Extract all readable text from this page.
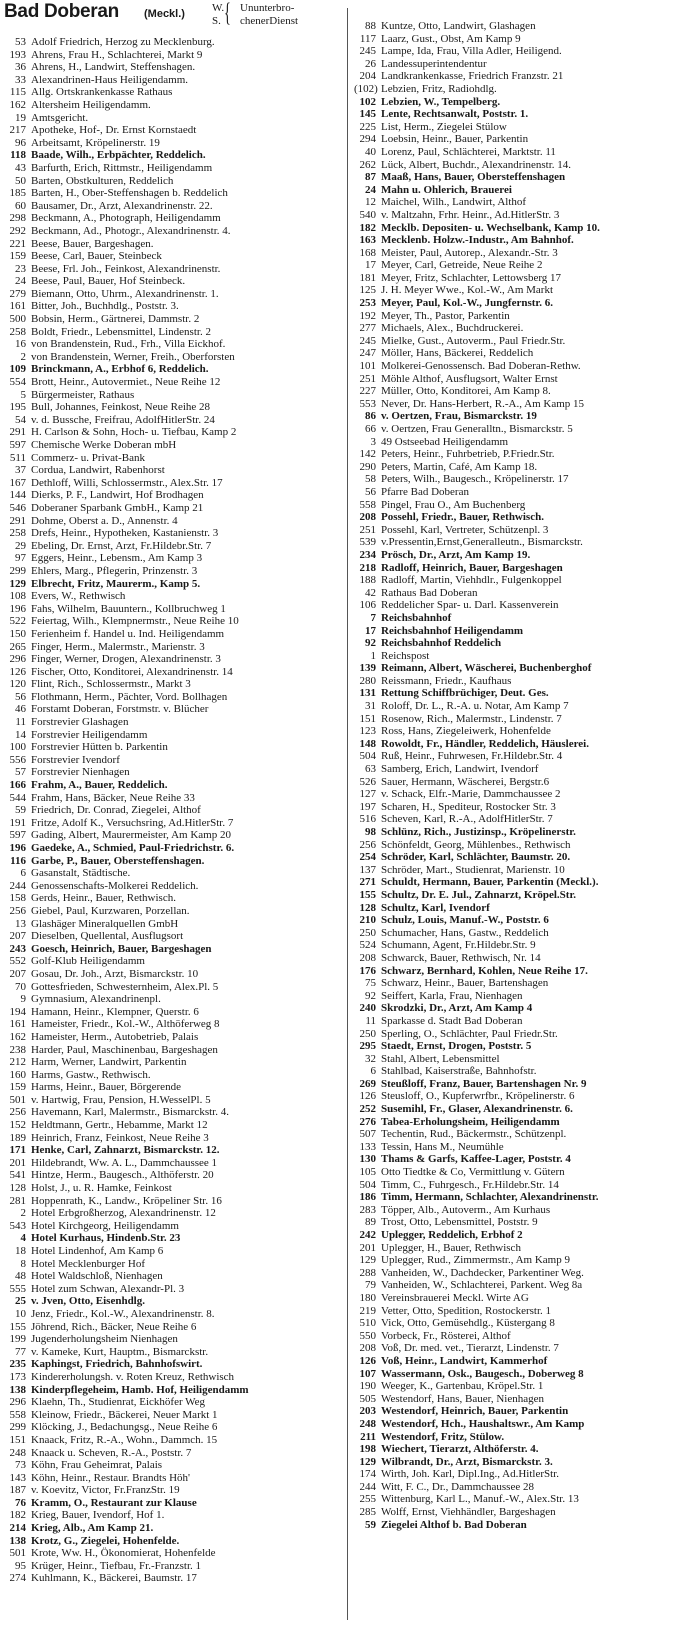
Bad Doberan (Meckl.) W.
S. { Ununterbro-
chenerDienst
53 Adolf Friedrich, Herzog zu Mecklenburg.
193 Ahrens, Frau H., Schlachterei, Markt 9
36 Ahrens, H., Landwirt, Steffenshagen.
33 Alexandrinen-Haus Heiligendamm.
115 Allg. Ortskrankenkasse Rathaus
162 Altersheim Heiligendamm.
19 Amtsgericht.
217 Apotheke, Hof-, Dr. Ernst Kornstaedt
96 Arbeitsamt, Kröpelinerstr. 19
118 Baade, Wilh., Erbpächter, Reddelich.
43 Barfurth, Erich, Rittmstr., Heiligendamm
50 Barten, Obstkulturen, Reddelich
185 Barten, H., Ober-Steffenshagen b. Reddelich
60 Bausamer, Dr., Arzt, Alexandrinenstr. 22.
298 Beckmann, A., Photograph, Heiligendamm
292 Beckmann, Ad., Photogr., Alexandrinenstr. 4.
221 Beese, Bauer, Bargeshagen.
159 Beese, Carl, Bauer, Steinbeck
23 Beese, Frl. Joh., Feinkost, Alexandrinenstr.
24 Beese, Paul, Bauer, Hof Steinbeck.
279 Biemann, Otto, Uhrm., Alexandrinenstr. 1.
161 Bitter, Joh., Buchhdlg., Poststr. 3.
500 Bobsin, Herm., Gärtnerei, Dammstr. 2
258 Boldt, Friedr., Lebensmittel, Lindenstr. 2
16 von Brandenstein, Rud., Frh., Villa Eickhof.
2 von Brandenstein, Werner, Freih., Oberforsten
109 Brinckmann, A., Erbhof 6, Reddelich.
554 Brott, Heinr., Autovermiet., Neue Reihe 12
5 Bürgermeister, Rathaus
195 Bull, Johannes, Feinkost, Neue Reihe 28
54 v. d. Bussche, Freifrau, AdolfHitlerStr. 24
291 H. Carlson & Sohn, Hoch- u. Tiefbau, Kamp 2
597 Chemische Werke Doberan mbH
511 Commerz- u. Privat-Bank
37 Cordua, Landwirt, Rabenhorst
167 Dethloff, Willi, Schlossermstr., Alex.Str. 17
144 Dierks, P. F., Landwirt, Hof Brodhagen
546 Doberaner Sparbank GmbH., Kamp 21
291 Dohme, Oberst a. D., Annenstr. 4
258 Drefs, Heinr., Hypotheken, Kastanienstr. 3
29 Ebeling, Dr. Ernst, Arzt, Fr.Hildebr.Str. 7
97 Eggers, Heinr., Lebensm., Am Kamp 3
299 Ehlers, Marg., Pflegerin, Prinzenstr. 3
129 Elbrecht, Fritz, Maurerm., Kamp 5.
108 Evers, W., Rethwisch
196 Fahs, Wilhelm, Bauuntern., Kollbruchweg 1
522 Feiertag, Wilh., Klempnermstr., Neue Reihe 10
150 Ferienheim f. Handel u. Ind. Heiligendamm
265 Finger, Herm., Malermstr., Marienstr. 3
296 Finger, Werner, Drogen, Alexandrinenstr. 3
126 Fischer, Otto, Konditorei, Alexandrinenstr. 14
120 Flint, Rich., Schlossermstr., Markt 3
56 Flothmann, Herm., Pächter, Vord. Bollhagen
46 Forstamt Doberan, Forstmstr. v. Blücher
11 Forstrevier Glashagen
14 Forstrevier Heiligendamm
100 Forstrevier Hütten b. Parkentin
556 Forstrevier Ivendorf
57 Forstrevier Nienhagen
166 Frahm, A., Bauer, Reddelich.
544 Frahm, Hans, Bäcker, Neue Reihe 33
59 Friedrich, Dr. Conrad, Ziegelei, Althof
191 Fritze, Adolf K., Versuchsring, Ad.HitlerStr. 7
597 Gading, Albert, Maurermeister, Am Kamp 20
196 Gaedeke, A., Schmied, Paul-Friedrichstr. 6.
116 Garbe, P., Bauer, Obersteffenshagen.
6 Gasanstalt, Städtische.
244 Genossenschafts-Molkerei Reddelich.
158 Gerds, Heinr., Bauer, Rethwisch.
256 Giebel, Paul, Kurzwaren, Porzellan.
13 Glashäger Mineralquellen GmbH
207 Dieselben, Quellental, Ausflugsort
243 Goesch, Heinrich, Bauer, Bargeshagen
552 Golf-Klub Heiligendamm
207 Gosau, Dr. Joh., Arzt, Bismarckstr. 10
70 Gottesfrieden, Schwesternheim, Alex.Pl. 5
9 Gymnasium, Alexandrinenpl.
194 Hamann, Heinr., Klempner, Querstr. 6
161 Hameister, Friedr., Kol.-W., Althöferweg 8
162 Hameister, Herm., Autobetrieb, Palais
238 Harder, Paul, Maschinenbau, Bargeshagen
212 Harm, Werner, Landwirt, Parkentin
160 Harms, Gastw., Rethwisch.
159 Harms, Heinr., Bauer, Börgerende
501 v. Hartwig, Frau, Pension, H.WesselPl. 5
256 Havemann, Karl, Malermstr., Bismarckstr. 4.
152 Heldtmann, Gertr., Hebamme, Markt 12
189 Heinrich, Franz, Feinkost, Neue Reihe 3
171 Henke, Carl, Zahnarzt, Bismarckstr. 12.
201 Hildebrandt, Ww. A. L., Dammchaussee 1
541 Hintze, Herm., Baugesch., Althöferstr. 20
128 Holst, J., u. R. Hamke, Feinkost
281 Hoppenrath, K., Landw., Kröpeliner Str. 16
2 Hotel Erbgroßherzog, Alexandrinenstr. 12
543 Hotel Kirchgeorg, Heiligendamm
4 Hotel Kurhaus, Hindenb.Str. 23
18 Hotel Lindenhof, Am Kamp 6
8 Hotel Mecklenburger Hof
48 Hotel Waldschloß, Nienhagen
555 Hotel zum Schwan, Alexandr-Pl. 3
25 v. Jven, Otto, Eisenhdlg.
10 Jenz, Friedr., Kol.-W., Alexandrinenstr. 8.
155 Jöhrend, Rich., Bäcker, Neue Reihe 6
199 Jugenderholungsheim Nienhagen
77 v. Kameke, Kurt, Hauptm., Bismarckstr.
235 Kaphingst, Friedrich, Bahnhofswirt.
173 Kindererholungsh. v. Roten Kreuz, Rethwisch
138 Kinderpflegeheim, Hamb. Hof, Heiligendamm
296 Klaehn, Th., Studienrat, Eickhöfer Weg
558 Kleinow, Friedr., Bäckerei, Neuer Markt 1
299 Klöcking, J., Bedachungsg., Neue Reihe 6
151 Knaack, Fritz, R.-A., Wohn., Dammch. 15
248 Knaack u. Scheven, R.-A., Poststr. 7
73 Köhn, Frau Geheimrat, Palais
143 Köhn, Heinr., Restaur. Brandts Höh'
187 v. Koevitz, Victor, Fr.FranzStr. 19
76 Kramm, O., Restaurant zur Klause
182 Krieg, Bauer, Ivendorf, Hof 1.
214 Krieg, Alb., Am Kamp 21.
138 Krotz, G., Ziegelei, Hohenfelde.
501 Krote, Ww. H., Ökonomierat, Hohenfelde
95 Krüger, Heinr., Tiefbau, Fr.-Franzstr. 1
274 Kuhlmann, K., Bäckerei, Baumstr. 17
88 Kuntze, Otto, Landwirt, Glashagen
117 Laarz, Gust., Obst, Am Kamp 9
245 Lampe, Ida, Frau, Villa Adler, Heiligend.
26 Landessuperintendentur
204 Landkrankenkasse, Friedrich Franzstr. 21
(102) Lebzien, Fritz, Radiohdlg.
102 Lebzien, W., Tempelberg.
145 Lente, Rechtsanwalt, Poststr. 1.
225 List, Herm., Ziegelei Stülow
294 Loebsin, Heinr., Bauer, Parkentin
40 Lorenz, Paul, Schlächterei, Marktstr. 11
262 Lück, Albert, Buchdr., Alexandrinenstr. 14.
87 Maaß, Hans, Bauer, Obersteffenshagen
24 Mahn u. Ohlerich, Brauerei
12 Maichel, Wilh., Landwirt, Althof
540 v. Maltzahn, Frhr. Heinr., Ad.HitlerStr. 3
182 Mecklb. Depositen- u. Wechselbank, Kamp 10.
163 Mecklenb. Holzw.-Industr., Am Bahnhof.
168 Meister, Paul, Autorep., Alexandr.-Str. 3
17 Meyer, Carl, Getreide, Neue Reihe 2
181 Meyer, Fritz, Schlachter, Lettowsberg 17
125 J. H. Meyer Wwe., Kol.-W., Am Markt
253 Meyer, Paul, Kol.-W., Jungfernstr. 6.
192 Meyer, Th., Pastor, Parkentin
277 Michaels, Alex., Buchdruckerei.
245 Mielke, Gust., Autoverm., Paul Friedr.Str.
247 Möller, Hans, Bäckerei, Reddelich
101 Molkerei-Genossensch. Bad Doberan-Rethw.
251 Möhle Althof, Ausflugsort, Walter Ernst
227 Müller, Otto, Konditorei, Am Kamp 8.
553 Never, Dr. Hans-Herbert, R.-A., Am Kamp 15
86 v. Oertzen, Frau, Bismarckstr. 19
66 v. Oertzen, Frau Generalltn., Bismarckstr. 5
3 49 Ostseebad Heiligendamm
142 Peters, Heinr., Fuhrbetrieb, P.Friedr.Str.
290 Peters, Martin, Café, Am Kamp 18.
58 Peters, Wilh., Baugesch., Kröpelinerstr. 17
56 Pfarre Bad Doberan
558 Pingel, Frau O., Am Buchenberg
208 Possehl, Friedr., Bauer, Rethwisch.
251 Possehl, Karl, Vertreter, Schützenpl. 3
539 v.Pressentin,Ernst,Generalleutn., Bismarckstr.
234 Prösch, Dr., Arzt, Am Kamp 19.
218 Radloff, Heinrich, Bauer, Bargeshagen
188 Radloff, Martin, Viehhdlr., Fulgenkoppel
42 Rathaus Bad Doberan
106 Reddelicher Spar- u. Darl. Kassenverein
7 Reichsbahnhof
17 Reichsbahnhof Heiligendamm
92 Reichsbahnhof Reddelich
1 Reichspost
139 Reimann, Albert, Wäscherei, Buchenberghof
280 Reissmann, Friedr., Kaufhaus
131 Rettung Schiffbrüchiger, Deut. Ges.
31 Roloff, Dr. L., R.-A. u. Notar, Am Kamp 7
151 Rosenow, Rich., Malermstr., Lindenstr. 7
123 Ross, Hans, Ziegeleiwerk, Hohenfelde
148 Rowoldt, Fr., Händler, Reddelich, Häuslerei.
504 Ruß, Heinr., Fuhrwesen, Fr.Hildebr.Str. 4
63 Samberg, Erich, Landwirt, Ivendorf
526 Sauer, Hermann, Wäscherei, Bergstr.6
127 v. Schack, Elfr.-Marie, Dammchaussee 2
197 Scharen, H., Spediteur, Rostocker Str. 3
516 Scheven, Karl, R.-A., AdolfHitlerStr. 7
98 Schlünz, Rich., Justizinsp., Kröpelinerstr.
256 Schönfeldt, Georg, Mühlenbes., Rethwisch
254 Schröder, Karl, Schlächter, Baumstr. 20.
137 Schröder, Mart., Studienrat, Marienstr. 10
271 Schuldt, Hermann, Bauer, Parkentin (Meckl.).
155 Schultz, Dr. E. Jul., Zahnarzt, Kröpel.Str.
128 Schultz, Karl, Ivendorf
210 Schulz, Louis, Manuf.-W., Poststr. 6
250 Schumacher, Hans, Gastw., Reddelich
524 Schumann, Agent, Fr.Hildebr.Str. 9
208 Schwarck, Bauer, Rethwisch, Nr. 14
176 Schwarz, Bernhard, Kohlen, Neue Reihe 17.
75 Schwarz, Heinr., Bauer, Bartenshagen
92 Seiffert, Karla, Frau, Nienhagen
240 Skrodzki, Dr., Arzt, Am Kamp 4
11 Sparkasse d. Stadt Bad Doberan
250 Sperling, O., Schlächter, Paul Friedr.Str.
295 Staedt, Ernst, Drogen, Poststr. 5
32 Stahl, Albert, Lebensmittel
6 Stahlbad, Kaiserstraße, Bahnhofstr.
269 Steußloff, Franz, Bauer, Bartenshagen Nr. 9
126 Steusloff, O., Kupferwrfbr., Kröpelinerstr. 6
252 Susemihl, Fr., Glaser, Alexandrinenstr. 6.
276 Tabea-Erholungsheim, Heiligendamm
507 Techentin, Rud., Bäckermstr., Schützenpl.
133 Tessin, Hans M., Neumühle
130 Thams & Garfs, Kaffee-Lager, Poststr. 4
105 Otto Tiedtke & Co, Vermittlung v. Gütern
504 Timm, C., Fuhrgesch., Fr.Hildebr.Str. 14
186 Timm, Hermann, Schlachter, Alexandrinenstr.
283 Töpper, Alb., Autoverm., Am Kurhaus
89 Trost, Otto, Lebensmittel, Poststr. 9
242 Uplegger, Reddelich, Erbhof 2
201 Uplegger, H., Bauer, Rethwisch
129 Uplegger, Rud., Zimmermstr., Am Kamp 9
288 Vanheiden, W., Dachdecker, Parkentiner Weg.
79 Vanheiden, W., Schlachterei, Parkent. Weg 8a
180 Vereinsbrauerei Meckl. Wirte AG
219 Vetter, Otto, Spedition, Rostockerstr. 1
510 Vick, Otto, Gemüsehdlg., Küstergang 8
550 Vorbeck, Fr., Rösterei, Althof
208 Voß, Dr. med. vet., Tierarzt, Lindenstr. 7
126 Voß, Heinr., Landwirt, Kammerhof
107 Wassermann, Osk., Baugesch., Doberweg 8
190 Weeger, K., Gartenbau, Kröpel.Str. 1
505 Westendorf, Hans, Bauer, Nienhagen
203 Westendorf, Heinrich, Bauer, Parkentin
248 Westendorf, Hch., Haushaltswr., Am Kamp
211 Westendorf, Fritz, Stülow.
198 Wiechert, Tierarzt, Althöferstr. 4.
129 Wilbrandt, Dr., Arzt, Bismarckstr. 3.
174 Wirth, Joh. Karl, Dipl.Ing., Ad.HitlerStr.
244 Witt, F. C., Dr., Dammchaussee 28
255 Wittenburg, Karl L., Manuf.-W., Alex.Str. 13
285 Wolff, Ernst, Viehhändler, Bargeshagen
59 Ziegelei Althof b. Bad Doberan
